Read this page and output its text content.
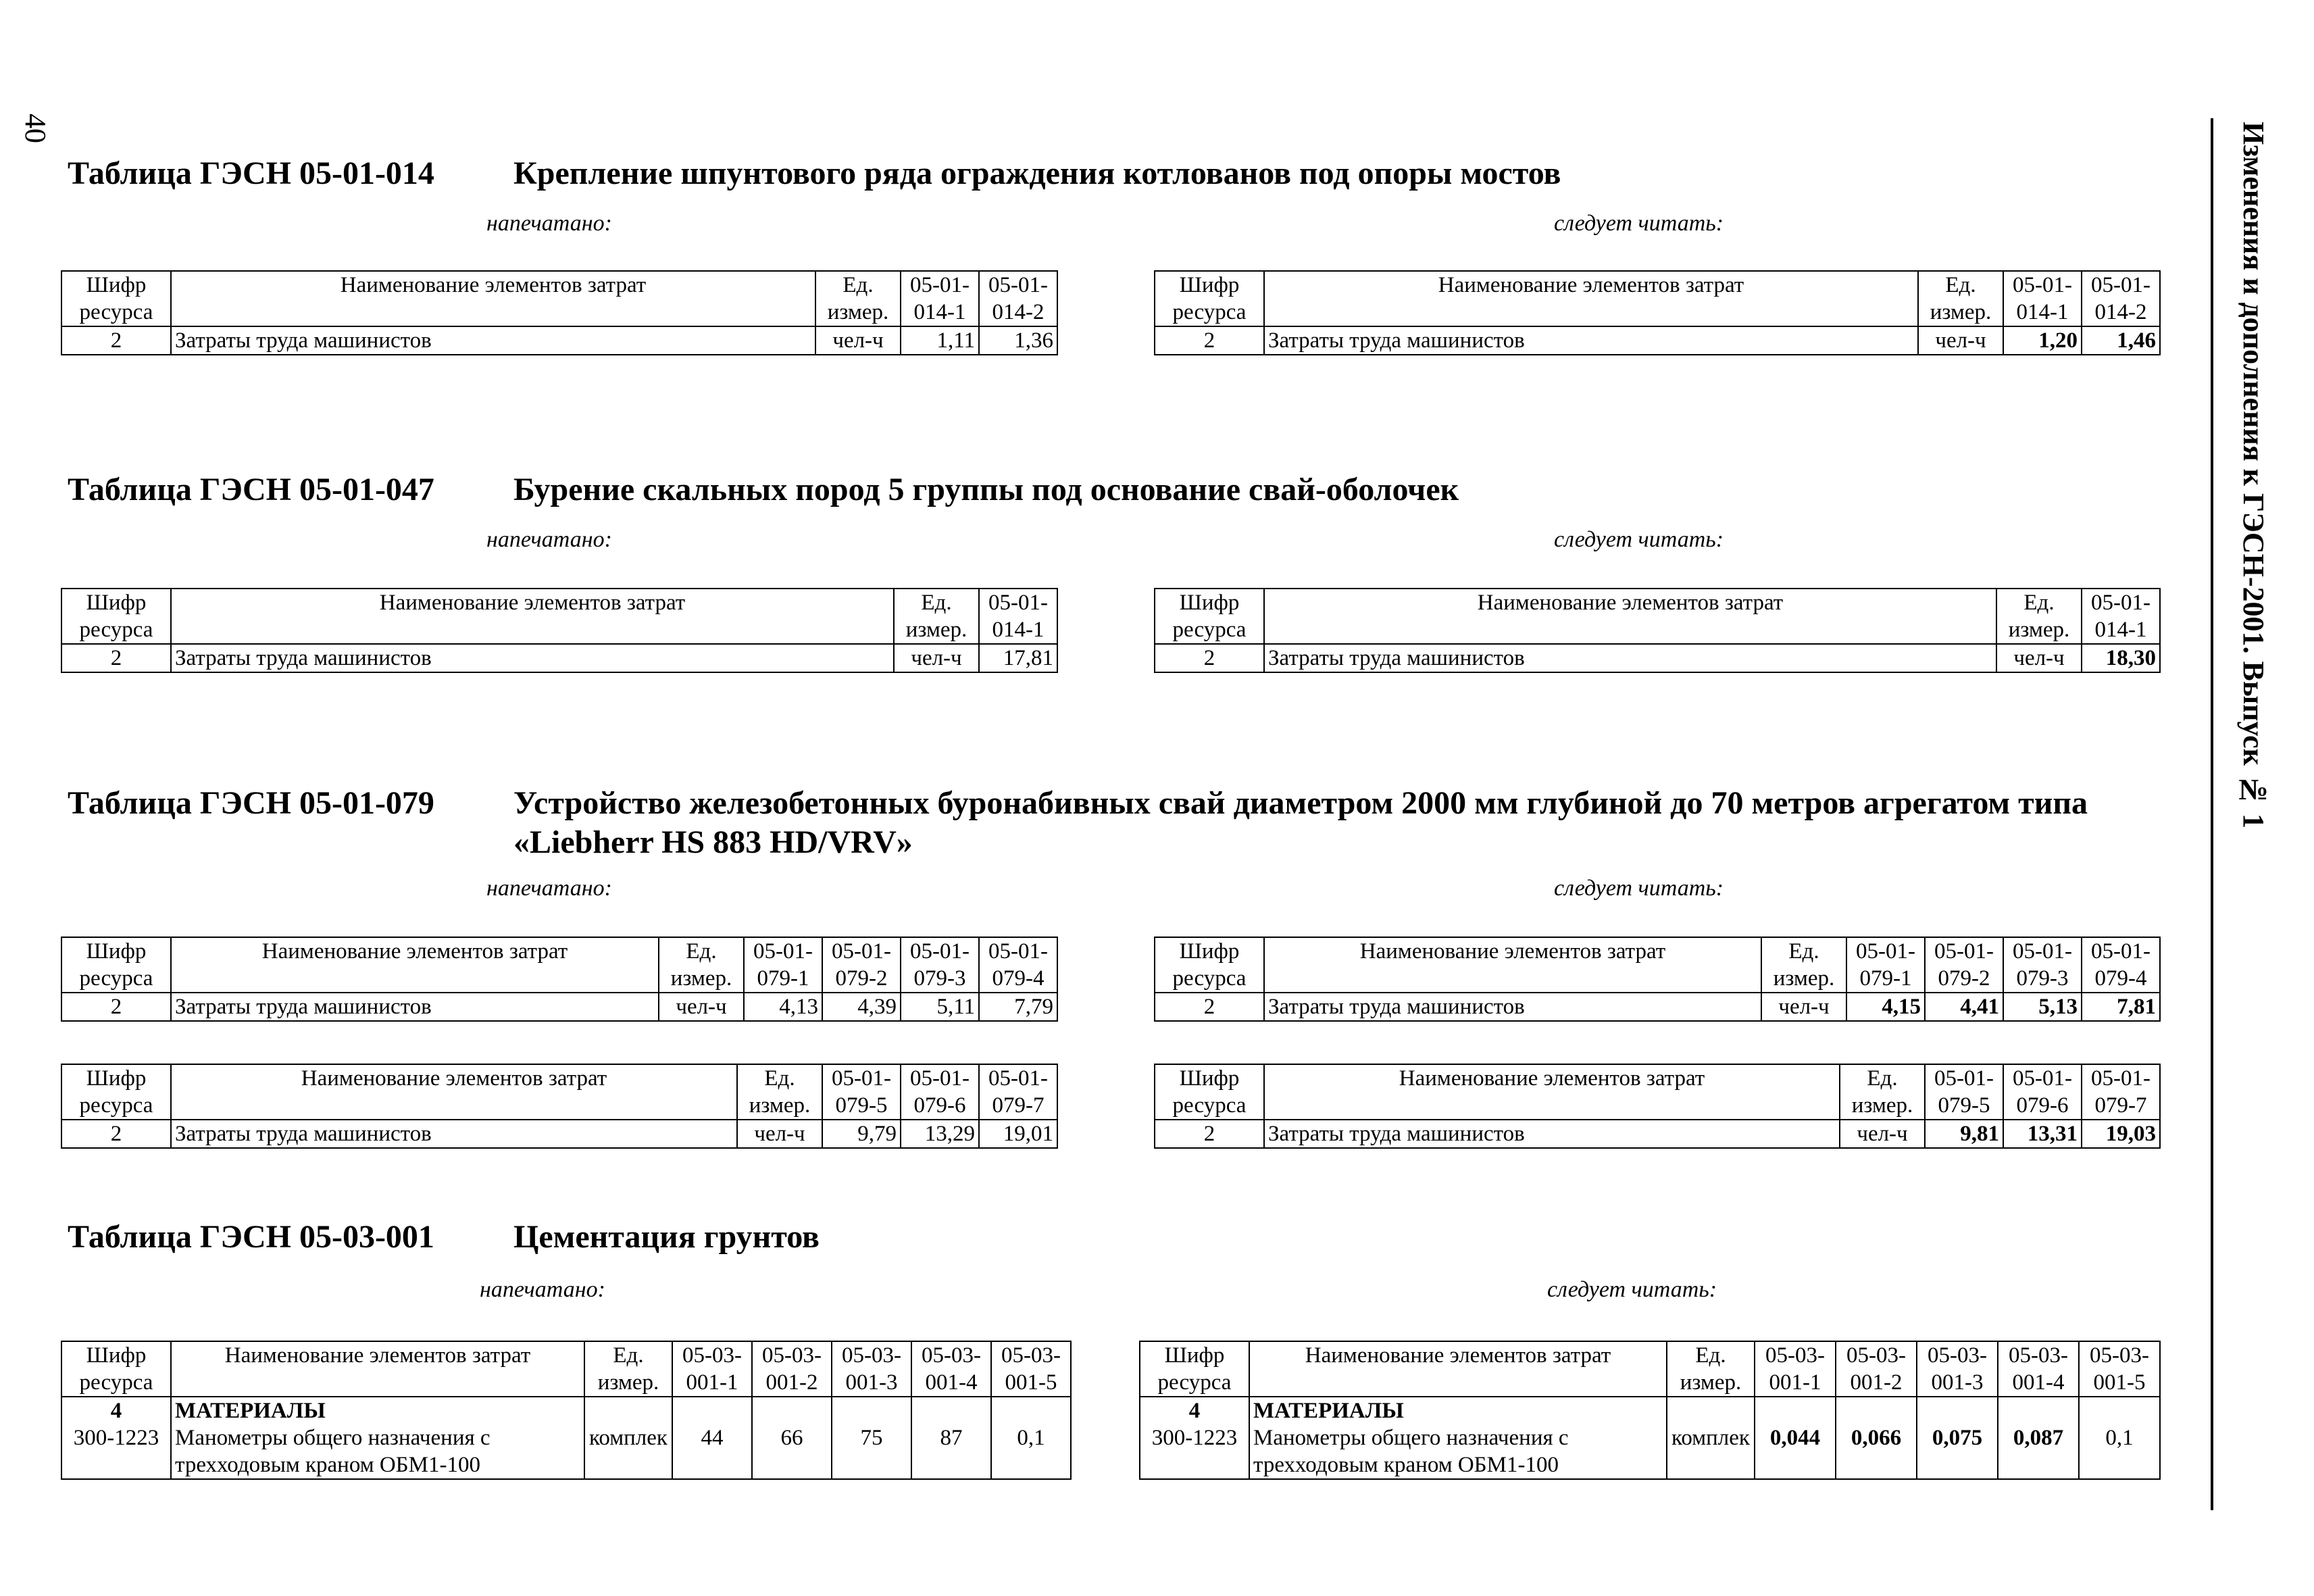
40	Изменения и дополнения к ГЭСН-2001. Выпуск № 1
Таблица ГЭСН 05-01-014 Крепление шпунтового ряда ограждения котлованов под опоры мостов
напечатано:	следует читать:
Шифр	Наименование элементов затрат	Ед.	05-01-	05-01-
ресурса		измер.	014-1	014-2
2	Затраты труда машинистов	чел-ч	1,11	1,36
Шифр	Наименование элементов затрат	Ед.	05-01-	05-01-
ресурса		измер.	014-1	014-2
2	Затраты труда машинистов	чел-ч	1,20	1,46
Таблица ГЭСН 05-01-047 Бурение скальных пород 5 группы под основание свай-оболочек
напечатано:	следует читать:
Шифр	Наименование элементов затрат	Ед.	05-01-
ресурса		измер.	014-1
2	Затраты труда машинистов	чел-ч	17,81
Шифр	Наименование элементов затрат	Ед.	05-01-
ресурса		измер.	014-1
2	Затраты труда машинистов	чел-ч	18,30
Таблица ГЭСН 05-01-079 Устройство железобетонных буронабивных свай диаметром 2000 мм глубиной до 70 метров агрегатом типа «Liebherr HS 883 HD/VRV»
напечатано:	следует читать:
Шифр	Наименование элементов затрат	Ед.	05-01-	05-01-	05-01-	05-01-
ресурса		измер.	079-1	079-2	079-3	079-4
2	Затраты труда машинистов	чел-ч	4,13	4,39	5,11	7,79
Шифр	Наименование элементов затрат	Ед.	05-01-	05-01-	05-01-	05-01-
ресурса		измер.	079-1	079-2	079-3	079-4
2	Затраты труда машинистов	чел-ч	4,15	4,41	5,13	7,81
Шифр	Наименование элементов затрат	Ед.	05-01-	05-01-	05-01-
ресурса		измер.	079-5	079-6	079-7
2	Затраты труда машинистов	чел-ч	9,79	13,29	19,01
Шифр	Наименование элементов затрат	Ед.	05-01-	05-01-	05-01-
ресурса		измер.	079-5	079-6	079-7
2	Затраты труда машинистов	чел-ч	9,81	13,31	19,03
Таблица ГЭСН 05-03-001 Цементация грунтов
напечатано:	следует читать:
Шифр	Наименование элементов затрат	Ед.	05-03-	05-03-	05-03-	05-03-	05-03-
ресурса		измер.	001-1	001-2	001-3	001-4	001-5
4	МАТЕРИАЛЫ						
300-1223	Манометры общего назначения с
трехходовым краном ОБМ1-100	комплек	44	66	75	87	0,1
Шифр	Наименование элементов затрат	Ед.	05-03-	05-03-	05-03-	05-03-	05-03-
ресурса		измер.	001-1	001-2	001-3	001-4	001-5
4	МАТЕРИАЛЫ						
300-1223	Манометры общего назначения с
трехходовым краном ОБМ1-100	комплек	0,044	0,066	0,075	0,087	0,1
